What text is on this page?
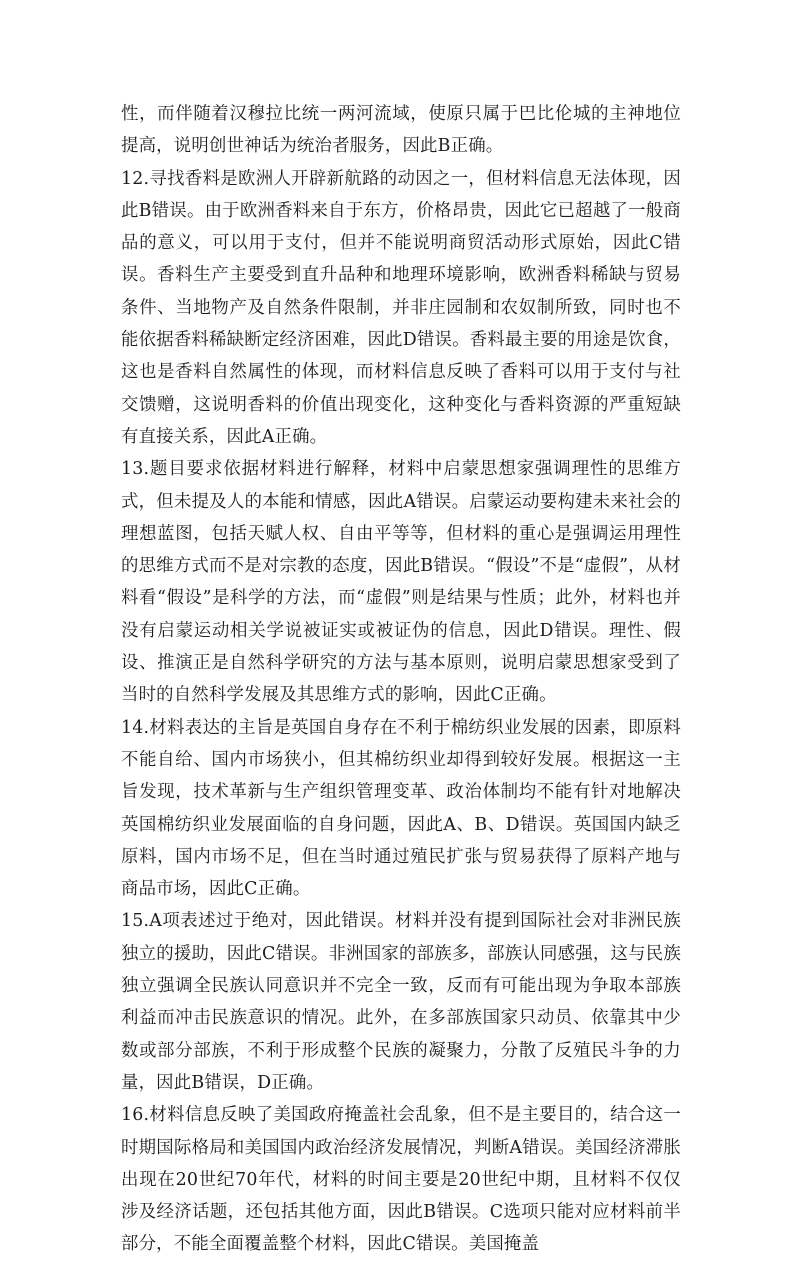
性，而伴随着汉穆拉比统一两河流域，使原只属于巴比伦城的主神地位提高，说明创世神话为统治者服务，因此B正确。

12.寻找香料是欧洲人开辟新航路的动因之一，但材料信息无法体现，因此B错误。由于欧洲香料来自于东方，价格昂贵，因此它已超越了一般商品的意义，可以用于支付，但并不能说明商贸活动形式原始，因此C错误。香料生产主要受到直升品种和地理环境影响，欧洲香料稀缺与贸易条件、当地物产及自然条件限制，并非庄园制和农奴制所致，同时也不能依据香料稀缺断定经济困难，因此D错误。香料最主要的用途是饮食，这也是香料自然属性的体现，而材料信息反映了香料可以用于支付与社交馈赠，这说明香料的价值出现变化，这种变化与香料资源的严重短缺有直接关系，因此A正确。

13.题目要求依据材料进行解释，材料中启蒙思想家强调理性的思维方式，但未提及人的本能和情感，因此A错误。启蒙运动要构建未来社会的理想蓝图，包括天赋人权、自由平等等，但材料的重心是强调运用理性的思维方式而不是对宗教的态度，因此B错误。“假设”不是“虚假”，从材料看“假设”是科学的方法，而“虚假”则是结果与性质；此外，材料也并没有启蒙运动相关学说被证实或被证伪的信息，因此D错误。理性、假设、推演正是自然科学研究的方法与基本原则，说明启蒙思想家受到了当时的自然科学发展及其思维方式的影响，因此C正确。

14.材料表达的主旨是英国自身存在不利于棉纺织业发展的因素，即原料不能自给、国内市场狭小，但其棉纺织业却得到较好发展。根据这一主旨发现，技术革新与生产组织管理变革、政治体制均不能有针对地解决英国棉纺织业发展面临的自身问题，因此A、B、D错误。英国国内缺乏原料，国内市场不足，但在当时通过殖民扩张与贸易获得了原料产地与商品市场，因此C正确。

15.A项表述过于绝对，因此错误。材料并没有提到国际社会对非洲民族独立的援助，因此C错误。非洲国家的部族多，部族认同感强，这与民族独立强调全民族认同意识并不完全一致，反而有可能出现为争取本部族利益而冲击民族意识的情况。此外，在多部族国家只动员、依靠其中少数或部分部族，不利于形成整个民族的凝聚力，分散了反殖民斗争的力量，因此B错误，D正确。

16.材料信息反映了美国政府掩盖社会乱象，但不是主要目的，结合这一时期国际格局和美国国内政治经济发展情况，判断A错误。美国经济滞胀出现在20世纪70年代，材料的时间主要是20世纪中期，且材料不仅仅涉及经济话题，还包括其他方面，因此B错误。C选项只能对应材料前半部分，不能全面覆盖整个材料，因此C错误。美国掩盖
